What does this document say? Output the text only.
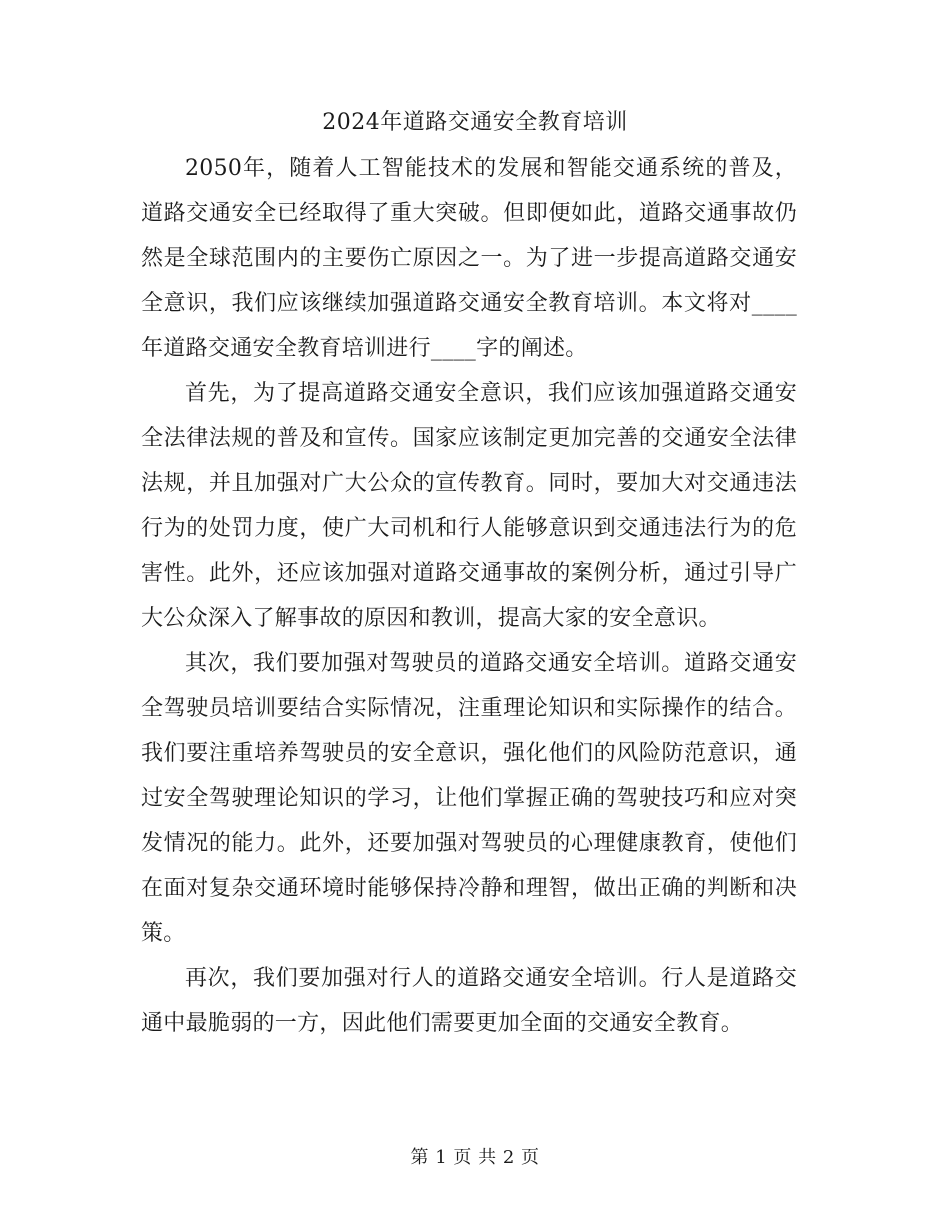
2024年道路交通安全教育培训

2050年，随着人工智能技术的发展和智能交通系统的普及，道路交通安全已经取得了重大突破。但即便如此，道路交通事故仍然是全球范围内的主要伤亡原因之一。为了进一步提高道路交通安全意识，我们应该继续加强道路交通安全教育培训。本文将对____年道路交通安全教育培训进行____字的阐述。

首先，为了提高道路交通安全意识，我们应该加强道路交通安全法律法规的普及和宣传。国家应该制定更加完善的交通安全法律法规，并且加强对广大公众的宣传教育。同时，要加大对交通违法行为的处罚力度，使广大司机和行人能够意识到交通违法行为的危害性。此外，还应该加强对道路交通事故的案例分析，通过引导广大公众深入了解事故的原因和教训，提高大家的安全意识。

其次，我们要加强对驾驶员的道路交通安全培训。道路交通安全驾驶员培训要结合实际情况，注重理论知识和实际操作的结合。我们要注重培养驾驶员的安全意识，强化他们的风险防范意识，通过安全驾驶理论知识的学习，让他们掌握正确的驾驶技巧和应对突发情况的能力。此外，还要加强对驾驶员的心理健康教育，使他们在面对复杂交通环境时能够保持冷静和理智，做出正确的判断和决策。

再次，我们要加强对行人的道路交通安全培训。行人是道路交通中最脆弱的一方，因此他们需要更加全面的交通安全教育。

第 1 页 共 2 页
